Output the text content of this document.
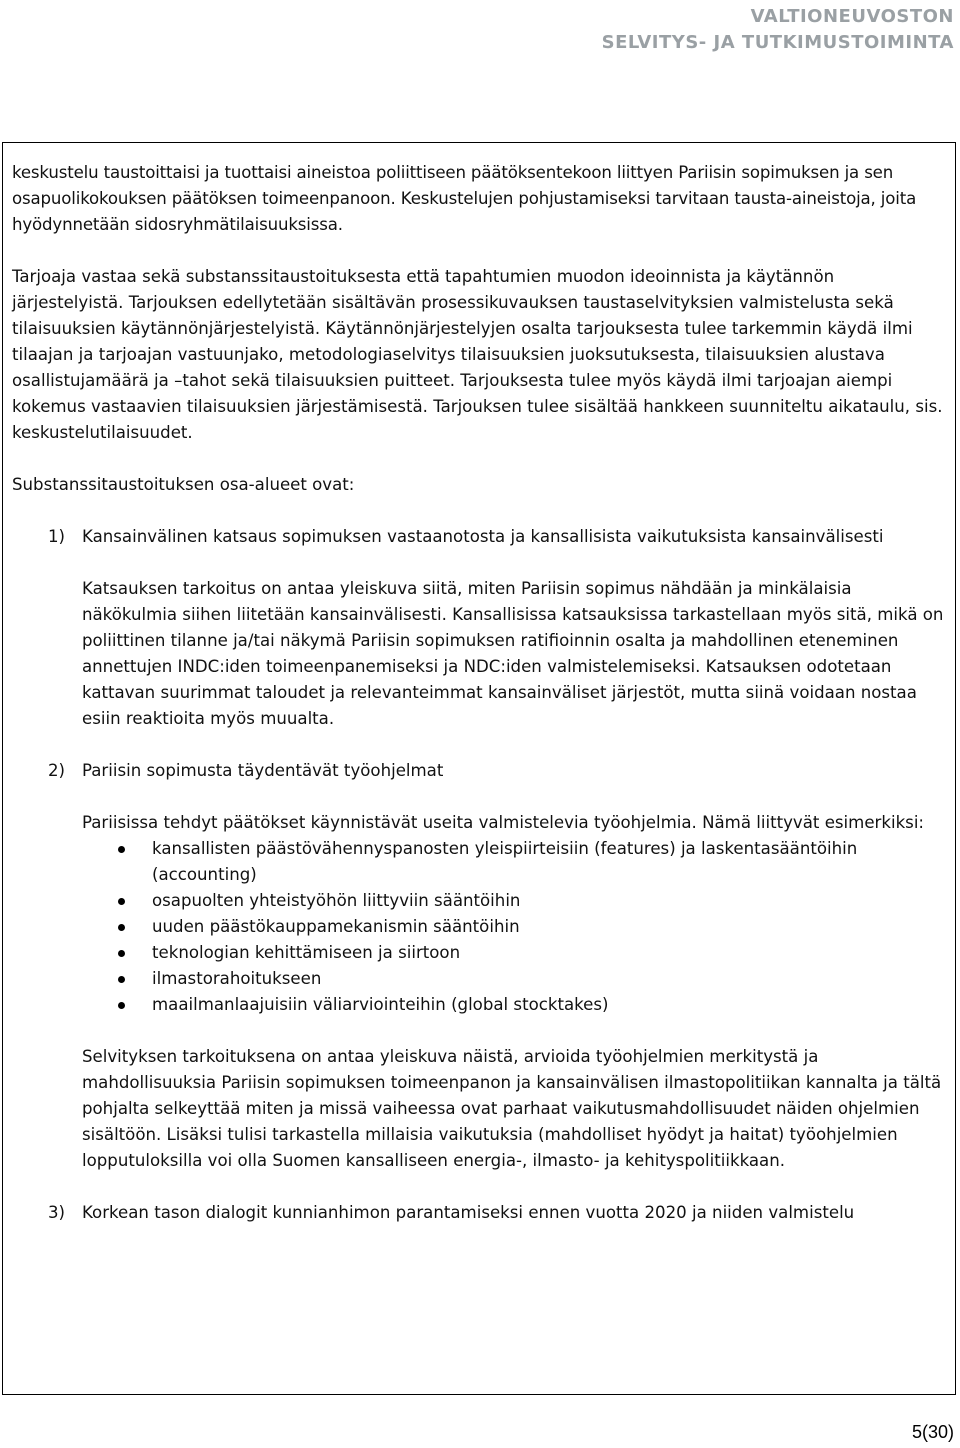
VALTIONEUVOSTON
SELVITYS- JA TUTKIMUSTOIMINTA

keskustelu taustoittaisi ja tuottaisi aineistoa poliittiseen päätöksentekoon liittyen Pariisin sopimuksen ja sen osapuolikokouksen päätöksen toimeenpanoon. Keskustelujen pohjustamiseksi tarvitaan tausta-aineistoja, joita hyödynnetään sidosryhmätilaisuuksissa.

Tarjoaja vastaa sekä substanssitaustoituksesta että tapahtumien muodon ideoinnista ja käytännön järjestelyistä. Tarjouksen edellytetään sisältävän prosessikuvauksen taustaselvityksien valmistelusta sekä tilaisuuksien käytännönjärjestelyistä. Käytännönjärjestelyjen osalta tarjouksesta tulee tarkemmin käydä ilmi tilaajan ja tarjoajan vastuunjako, metodologiaselvitys tilaisuuksien juoksutuksesta, tilaisuuksien alustava osallistujamäärä ja –tahot sekä tilaisuuksien puitteet. Tarjouksesta tulee myös käydä ilmi tarjoajan aiempi kokemus vastaavien tilaisuuksien järjestämisestä. Tarjouksen tulee sisältää hankkeen suunniteltu aikataulu, sis. keskustelutilaisuudet.

Substanssitaustoituksen osa-alueet ovat:

1) Kansainvälinen katsaus sopimuksen vastaanotosta ja kansallisista vaikutuksista kansainvälisesti

Katsauksen tarkoitus on antaa yleiskuva siitä, miten Pariisin sopimus nähdään ja minkälaisia näkökulmia siihen liitetään kansainvälisesti. Kansallisissa katsauksissa tarkastellaan myös sitä, mikä on poliittinen tilanne ja/tai näkymä Pariisin sopimuksen ratifioinnin osalta ja mahdollinen eteneminen annettujen INDC:iden toimeenpanemiseksi ja NDC:iden valmistelemiseksi. Katsauksen odotetaan kattavan suurimmat taloudet ja relevanteimmat kansainväliset järjestöt, mutta siinä voidaan nostaa esiin reaktioita myös muualta.

2) Pariisin sopimusta täydentävät työohjelmat

Pariisissa tehdyt päätökset käynnistävät useita valmistelevia työohjelmia. Nämä liittyvät esimerkiksi:

kansallisten päästövähennyspanosten yleispiirteisiin (features) ja laskentasääntöihin (accounting)
osapuolten yhteistyöhön liittyviin sääntöihin
uuden päästökauppamekanismin sääntöihin
teknologian kehittämiseen ja siirtoon
ilmastorahoitukseen
maailmanlaajuisiin väliarviointeihin (global stocktakes)

Selvityksen tarkoituksena on antaa yleiskuva näistä, arvioida työohjelmien merkitystä ja mahdollisuuksia Pariisin sopimuksen toimeenpanon ja kansainvälisen ilmastopolitiikan kannalta ja tältä pohjalta selkeyttää miten ja missä vaiheessa ovat parhaat vaikutusmahdollisuudet näiden ohjelmien sisältöön. Lisäksi tulisi tarkastella millaisia vaikutuksia (mahdolliset hyödyt ja haitat) työohjelmien lopputuloksilla voi olla Suomen kansalliseen energia-, ilmasto- ja kehityspolitiikkaan.

3) Korkean tason dialogit kunnianhimon parantamiseksi ennen vuotta 2020 ja niiden valmistelu

5(30)
